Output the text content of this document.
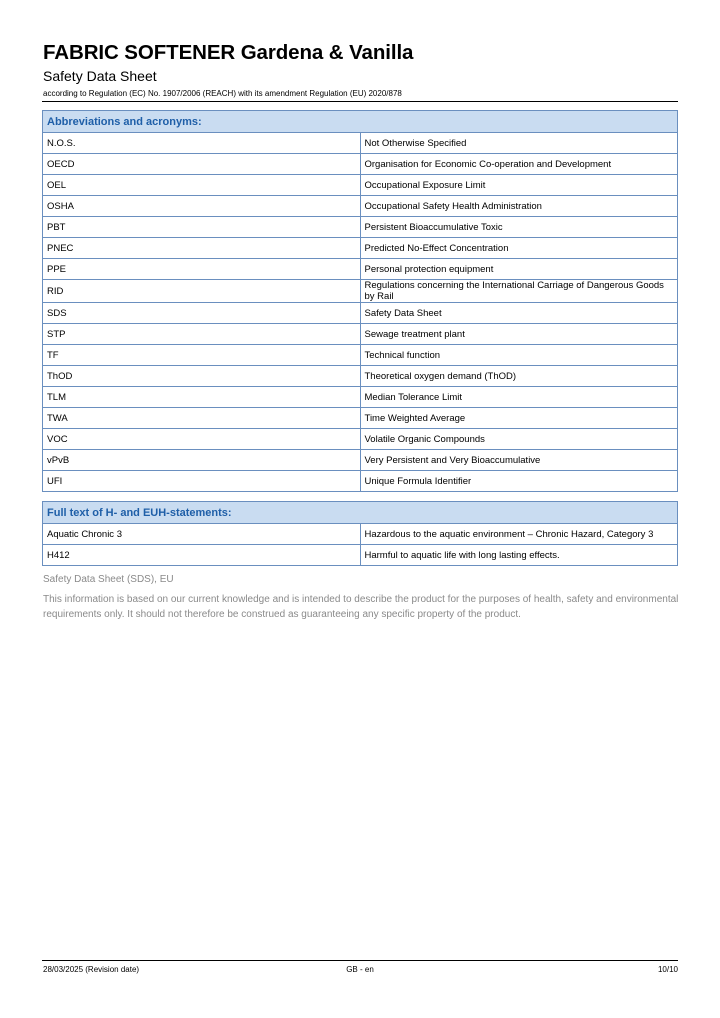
FABRIC SOFTENER Gardena & Vanilla
Safety Data Sheet
according to Regulation (EC) No. 1907/2006 (REACH) with its amendment Regulation (EU) 2020/878
Abbreviations and acronyms:	
N.O.S.	Not Otherwise Specified
OECD	Organisation for Economic Co-operation and Development
OEL	Occupational Exposure Limit
OSHA	Occupational Safety Health Administration
PBT	Persistent Bioaccumulative Toxic
PNEC	Predicted No-Effect Concentration
PPE	Personal protection equipment
RID	Regulations concerning the International Carriage of Dangerous Goods by Rail
SDS	Safety Data Sheet
STP	Sewage treatment plant
TF	Technical function
ThOD	Theoretical oxygen demand (ThOD)
TLM	Median Tolerance Limit
TWA	Time Weighted Average
VOC	Volatile Organic Compounds
vPvB	Very Persistent and Very Bioaccumulative
UFI	Unique Formula Identifier
Full text of H- and EUH-statements:	
Aquatic Chronic 3	Hazardous to the aquatic environment – Chronic Hazard, Category 3
H412	Harmful to aquatic life with long lasting effects.
Safety Data Sheet (SDS), EU
This information is based on our current knowledge and is intended to describe the product for the purposes of health, safety and environmental requirements only. It should not therefore be construed as guaranteeing any specific property of the product.
28/03/2025 (Revision date)	GB - en	10/10
